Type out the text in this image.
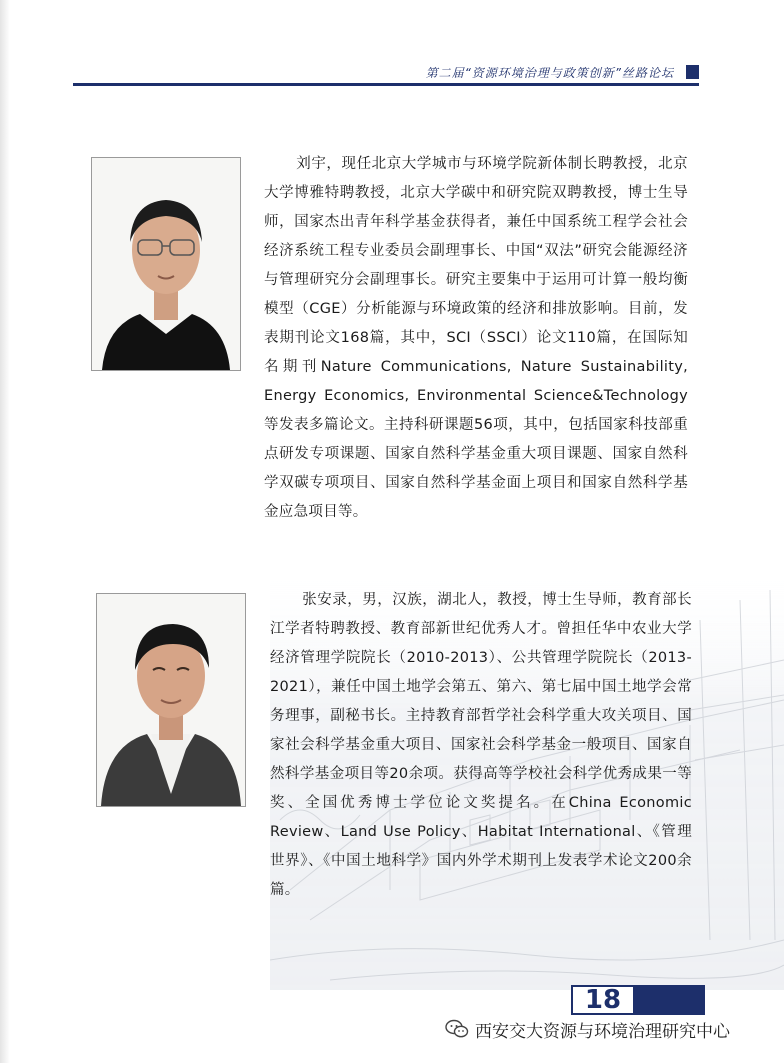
第二届“资源环境治理与政策创新”丝路论坛

刘宇，现任北京大学城市与环境学院新体制长聘教授，北京大学博雅特聘教授，北京大学碳中和研究院双聘教授，博士生导师，国家杰出青年科学基金获得者，兼任中国系统工程学会社会经济系统工程专业委员会副理事长、中国“双法”研究会能源经济与管理研究分会副理事长。研究主要集中于运用可计算一般均衡模型（CGE）分析能源与环境政策的经济和排放影响。目前，发表期刊论文168篇，其中，SCI（SSCI）论文110篇，在国际知名期刊Nature Communications, Nature Sustainability, Energy Economics, Environmental Science&Technology等发表多篇论文。主持科研课题56项，其中，包括国家科技部重点研发专项课题、国家自然科学基金重大项目课题、国家自然科学双碳专项项目、国家自然科学基金面上项目和国家自然科学基金应急项目等。

张安录，男，汉族，湖北人，教授，博士生导师，教育部长江学者特聘教授、教育部新世纪优秀人才。曾担任华中农业大学经济管理学院院长（2010-2013）、公共管理学院院长（2013-2021），兼任中国土地学会第五、第六、第七届中国土地学会常务理事，副秘书长。主持教育部哲学社会科学重大攻关项目、国家社会科学基金重大项目、国家社会科学基金一般项目、国家自然科学基金项目等20余项。获得高等学校社会科学优秀成果一等奖、全国优秀博士学位论文奖提名。在China Economic Review、Land Use Policy、Habitat International、《管理世界》、《中国土地科学》国内外学术期刊上发表学术论文200余篇。

18
西安交大资源与环境治理研究中心
